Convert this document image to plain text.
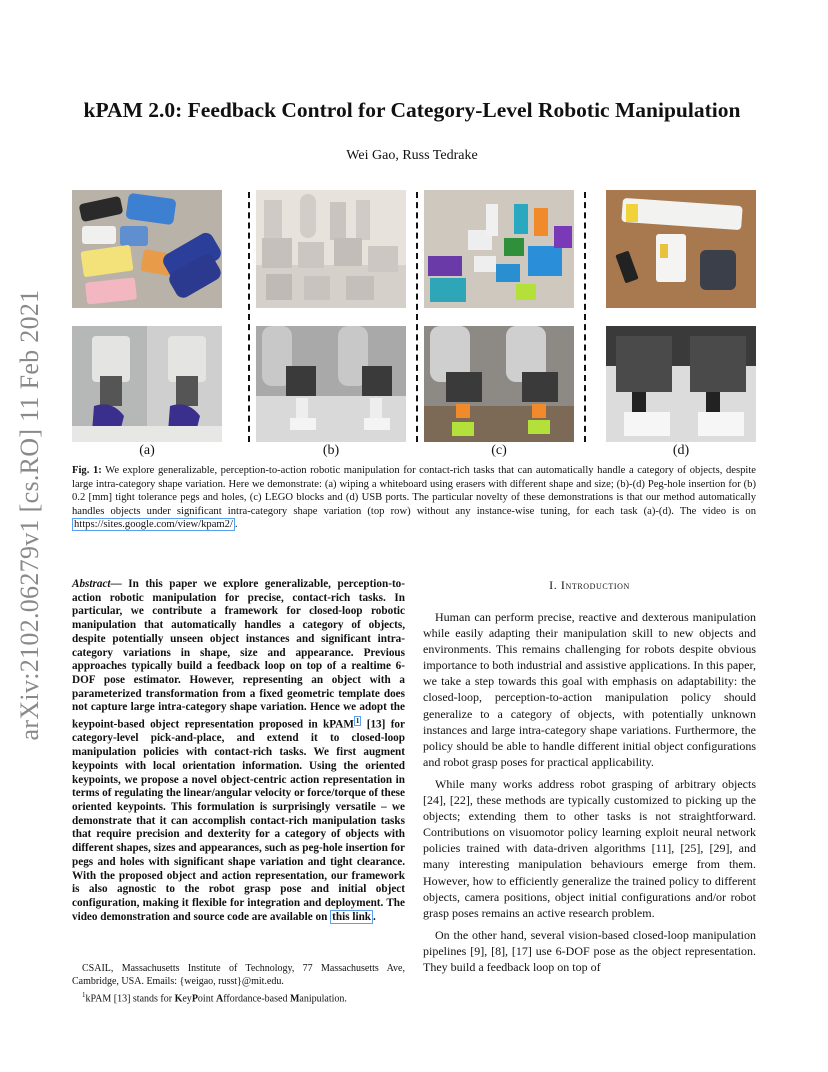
arXiv:2102.06279v1 [cs.RO] 11 Feb 2021
kPAM 2.0: Feedback Control for Category-Level Robotic Manipulation
Wei Gao, Russ Tedrake
(a)	(b)	(c)	(d)

Fig. 1: We explore generalizable, perception-to-action robotic manipulation for contact-rich tasks that can automatically handle a category of objects, despite large intra-category shape variation. Here we demonstrate: (a) wiping a whiteboard using erasers with different shape and size; (b)-(d) Peg-hole insertion for (b) 0.2 [mm] tight tolerance pegs and holes, (c) LEGO blocks and (d) USB ports. The particular novelty of these demonstrations is that our method automatically handles objects under significant intra-category shape variation (top row) without any instance-wise tuning, for each task (a)-(d). The video is on https://sites.google.com/view/kpam2/ .

Abstract— In this paper we explore generalizable, perception-to-action robotic manipulation for precise, contact-rich tasks. In particular, we contribute a framework for closed-loop robotic manipulation that automatically handles a category of objects, despite potentially unseen object instances and significant intra-category variations in shape, size and appearance. Previous approaches typically build a feedback loop on top of a realtime 6-DOF pose estimator. However, representing an object with a parameterized transformation from a fixed geometric template does not capture large intra-category shape variation. Hence we adopt the keypoint-based object representation proposed in kPAM $^1$ [13] for category-level pick-and-place, and extend it to closed-loop manipulation policies with contact-rich tasks. We first augment keypoints with local orientation information. Using the oriented keypoints, we propose a novel object-centric action representation in terms of regulating the linear/angular velocity or force/torque of these oriented keypoints. This formulation is surprisingly versatile – we demonstrate that it can accomplish contact-rich manipulation tasks that require precision and dexterity for a category of objects with different shapes, sizes and appearances, such as peg-hole insertion for pegs and holes with significant shape variation and tight clearance. With the proposed object and action representation, our framework is also agnostic to the robot grasp pose and initial object configuration, making it flexible for integration and deployment. The video demonstration and source code are available on this link .

CSAIL, Massachusetts Institute of Technology, 77 Massachusetts Ave, Cambridge, USA. Emails: {weigao, russt}@mit.edu.

$^1$kPAM [13] stands for KeyPoint Affordance-based Manipulation.

I. Introduction

Human can perform precise, reactive and dexterous manipulation while easily adapting their manipulation skill to new objects and environments. This remains challenging for robots despite obvious importance to both industrial and assistive applications. In this paper, we take a step towards this goal with emphasis on adaptability: the closed-loop, perception-to-action manipulation policy should generalize to a category of objects, with potentially unknown instances and large intra-category shape variations. Furthermore, the policy should be able to handle different initial object configurations and robot grasp poses for practical applicability.

While many works address robot grasping of arbitrary objects [24], [22], these methods are typically customized to picking up the objects; extending them to other tasks is not straightforward. Contributions on visuomotor policy learning exploit neural network policies trained with data-driven algorithms [11], [25], [29], and many interesting manipulation behaviours emerge from them. However, how to efficiently generalize the trained policy to different objects, camera positions, object initial configurations and/or robot grasp poses remains an active research problem.

On the other hand, several vision-based closed-loop manipulation pipelines [9], [8], [17] use 6-DOF pose as the object representation. They build a feedback loop on top of
